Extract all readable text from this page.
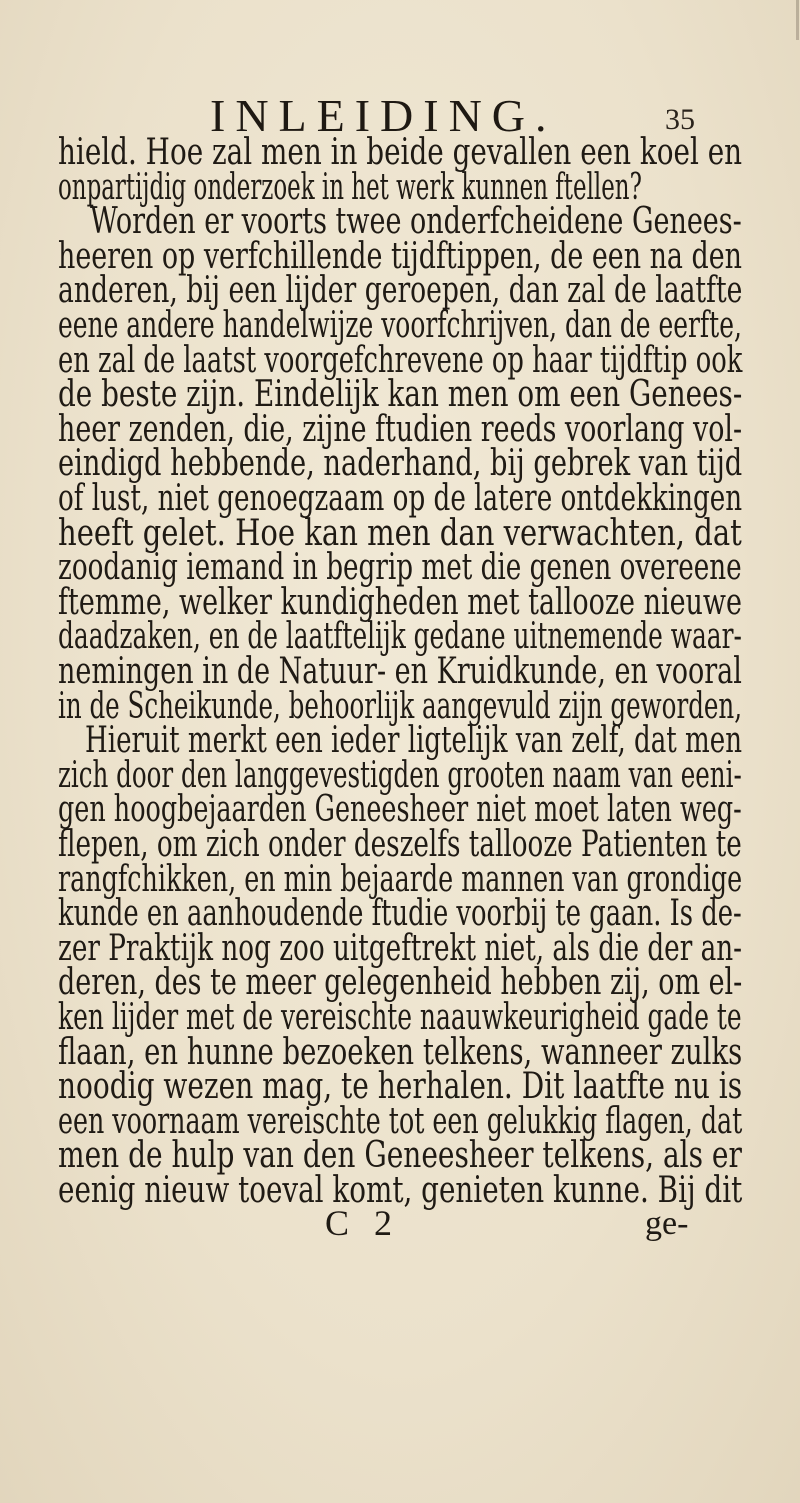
INLEIDING.	35
hield. Hoe zal men in beide gevallen een koel en
onpartijdig onderzoek in het werk kunnen ftellen?
Worden er voorts twee onderfcheidene Genees-
heeren op verfchillende tijdftippen, de een na den
anderen, bij een lijder geroepen, dan zal de laatfte
eene andere handelwijze voorfchrijven, dan de eerfte,
en zal de laatst voorgefchrevene op haar tijdftip ook
de beste zijn. Eindelijk kan men om een Genees-
heer zenden, die, zijne ftudien reeds voorlang vol-
eindigd hebbende, naderhand, bij gebrek van tijd
of lust, niet genoegzaam op de latere ontdekkingen
heeft gelet. Hoe kan men dan verwachten, dat
zoodanig iemand in begrip met die genen overeene
ftemme, welker kundigheden met tallooze nieuwe
daadzaken, en de laatftelijk gedane uitnemende waar-
nemingen in de Natuur- en Kruidkunde, en vooral
in de Scheikunde, behoorlijk aangevuld zijn geworden,
Hieruit merkt een ieder ligtelijk van zelf, dat men
zich door den langgevestigden grooten naam van eeni-
gen hoogbejaarden Geneesheer niet moet laten weg-
flepen, om zich onder deszelfs tallooze Patienten te
rangfchikken, en min bejaarde mannen van grondige
kunde en aanhoudende ftudie voorbij te gaan. Is de-
zer Praktijk nog zoo uitgeftrekt niet, als die der an-
deren, des te meer gelegenheid hebben zij, om el-
ken lijder met de vereischte naauwkeurigheid gade te
flaan, en hunne bezoeken telkens, wanneer zulks
noodig wezen mag, te herhalen. Dit laatfte nu is
een voornaam vereischte tot een gelukkig flagen, dat
men de hulp van den Geneesheer telkens, als er
eenig nieuw toeval komt, genieten kunne. Bij dit
C 2	ge-
